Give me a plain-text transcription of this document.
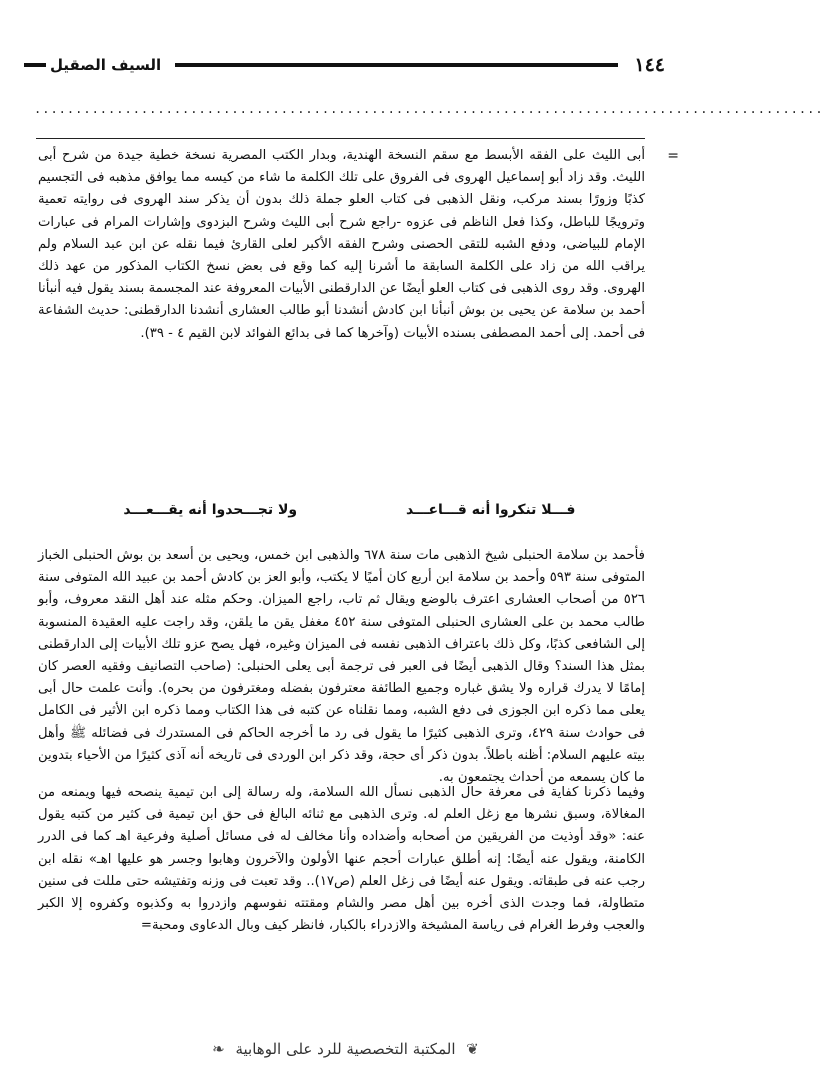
١٤٤
السيف الصقيل
................................................................................................
=

أبى الليث على الفقه الأبسط مع سقم النسخة الهندية، وبدار الكتب المصرية نسخة خطية جيدة من شرح أبى الليث. وقد زاد أبو إسماعيل الهروى فى الفروق على تلك الكلمة ما شاء من كيسه مما يوافق مذهبه فى التجسيم كذبًا وزورًا بسند مركب، ونقل الذهبى فى كتاب العلو جملة ذلك بدون أن يذكر سند الهروى فى روايته تعمية وترويجًا للباطل، وكذا فعل الناظم فى عزوه -راجع شرح أبى الليث وشرح البزدوى وإشارات المرام فى عبارات الإمام للبياضى، ودفع الشبه للتقى الحصنى وشرح الفقه الأكبر لعلى القارئ فيما نقله عن ابن عبد السلام ولم يراقب الله من زاد على الكلمة السابقة ما أشرنا إليه كما وقع فى بعض نسخ الكتاب المذكور من عهد ذلك الهروى. وقد روى الذهبى فى كتاب العلو أيضًا عن الدارقطنى الأبيات المعروفة عند المجسمة بسند يقول فيه أنبأنا أحمد بن سلامة عن يحيى بن بوش أنبأنا ابن كادش أنشدنا أبو طالب العشارى أنشدنا الدارقطنى: حديث الشفاعة فى أحمد. إلى أحمد المصطفى بسنده الأبيات (وآخرها كما فى بدائع الفوائد لابن القيم ٤ - ٣٩).

فـــلا تنكروا أنه قـــاعـــد
ولا تجـــحدوا أنه يقـــعـــد

فأحمد بن سلامة الحنبلى شيخ الذهبى مات سنة ٦٧٨ والذهبى ابن خمس، ويحيى بن أسعد بن بوش الحنبلى الخباز المتوفى سنة ٥٩٣ وأحمد بن سلامة ابن أربع كان أميًا لا يكتب، وأبو العز بن كادش أحمد بن عبيد الله المتوفى سنة ٥٢٦ من أصحاب العشارى اعترف بالوضع ويقال ثم تاب، راجع الميزان. وحكم مثله عند أهل النقد معروف، وأبو طالب محمد بن على العشارى الحنبلى المتوفى سنة ٤٥٢ مغفل يقن ما يلقن، وقد راجت عليه العقيدة المنسوبة إلى الشافعى كذبًا، وكل ذلك باعتراف الذهبى نفسه فى الميزان وغيره، فهل يصح عزو تلك الأبيات إلى الدارقطنى بمثل هذا السند؟ وقال الذهبى أيضًا فى العبر فى ترجمة أبى يعلى الحنبلى: (صاحب التصانيف وفقيه العصر كان إمامًا لا يدرك قراره ولا يشق غباره وجميع الطائفة معترفون بفضله ومغترفون من بحره). وأنت علمت حال أبى يعلى مما ذكره ابن الجوزى فى دفع الشبه، ومما نقلناه عن كتبه فى هذا الكتاب ومما ذكره ابن الأثير فى الكامل فى حوادث سنة ٤٢٩، وترى الذهبى كثيرًا ما يقول فى رد ما أخرجه الحاكم فى المستدرك فى فضائله ﷺ وأهل بيته عليهم السلام: أظنه باطلاً. بدون ذكر أى حجة، وقد ذكر ابن الوردى فى تاريخه أنه آذى كثيرًا من الأحياء بتدوين ما كان يسمعه من أحداث يجتمعون به.

وفيما ذكرنا كفاية فى معرفة حال الذهبى نسأل الله السلامة، وله رسالة إلى ابن تيمية ينصحه فيها ويمنعه من المغالاة، وسبق نشرها مع زغل العلم له. وترى الذهبى مع ثنائه البالغ فى حق ابن تيمية فى كثير من كتبه يقول عنه: «وقد أوذيت من الفريقين من أصحابه وأضداده وأنا مخالف له فى مسائل أصلية وفرعية اهـ كما فى الدرر الكامنة، ويقول عنه أيضًا: إنه أطلق عبارات أحجم عنها الأولون والآخرون وهابوا وجسر هو عليها اهـ» نقله ابن رجب عنه فى طبقاته. ويقول عنه أيضًا فى زغل العلم (ص١٧).. وقد تعبت فى وزنه وتفتيشه حتى مللت فى سنين متطاولة، فما وجدت الذى أخره بين أهل مصر والشام ومقتته نفوسهم وازدروا به وكذبوه وكفروه إلا الكبر والعجب وفرط الغرام فى رياسة المشيخة والازدراء بالكبار، فانظر كيف وبال الدعاوى ومحبة=

❦ المكتبة التخصصية للرد على الوهابية ❧
